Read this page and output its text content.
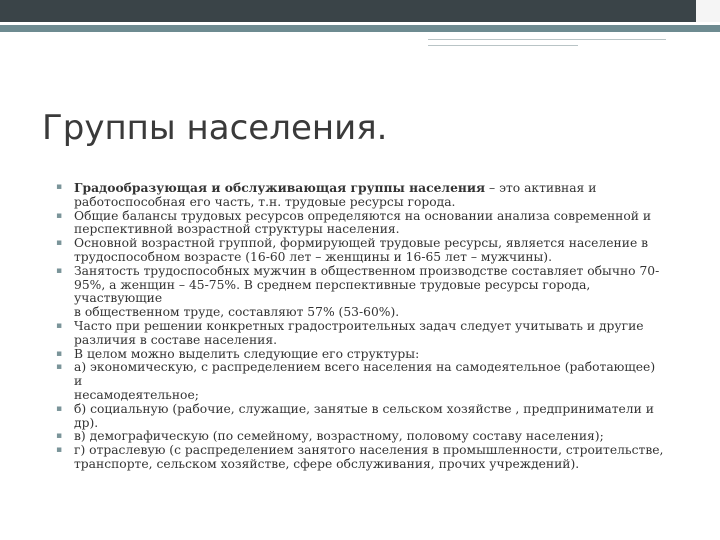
Группы населения.
▪ Градообразующая и обслуживающая группы населения – это активная и
работоспособная его часть, т.н. трудовые ресурсы города.
▪ Общие балансы трудовых ресурсов определяются на основании анализа современной и
перспективной возрастной структуры населения.
▪ Основной возрастной группой, формирующей трудовые ресурсы, является население в
трудоспособном возрасте (16-60 лет – женщины и 16-65 лет – мужчины).
▪ Занятость трудоспособных мужчин в общественном производстве составляет обычно 70-
95%, а женщин – 45-75%. В среднем перспективные трудовые ресурсы города, участвующие
в общественном труде, составляют 57% (53-60%).
▪ Часто при решении конкретных градостроительных задач следует учитывать и другие
различия в составе населения.
▪ В целом можно выделить следующие его структуры:
▪ а) экономическую, с распределением всего населения на самодеятельное (работающее) и
несамодеятельное;
▪ б) социальную (рабочие, служащие, занятые в сельском хозяйстве , предприниматели и др).
▪ в) демографическую (по семейному, возрастному, половому составу населения);
▪ г) отраслевую (с распределением занятого населения в промышленности, строительстве,
транспорте, сельском хозяйстве, сфере обслуживания, прочих учреждений).
